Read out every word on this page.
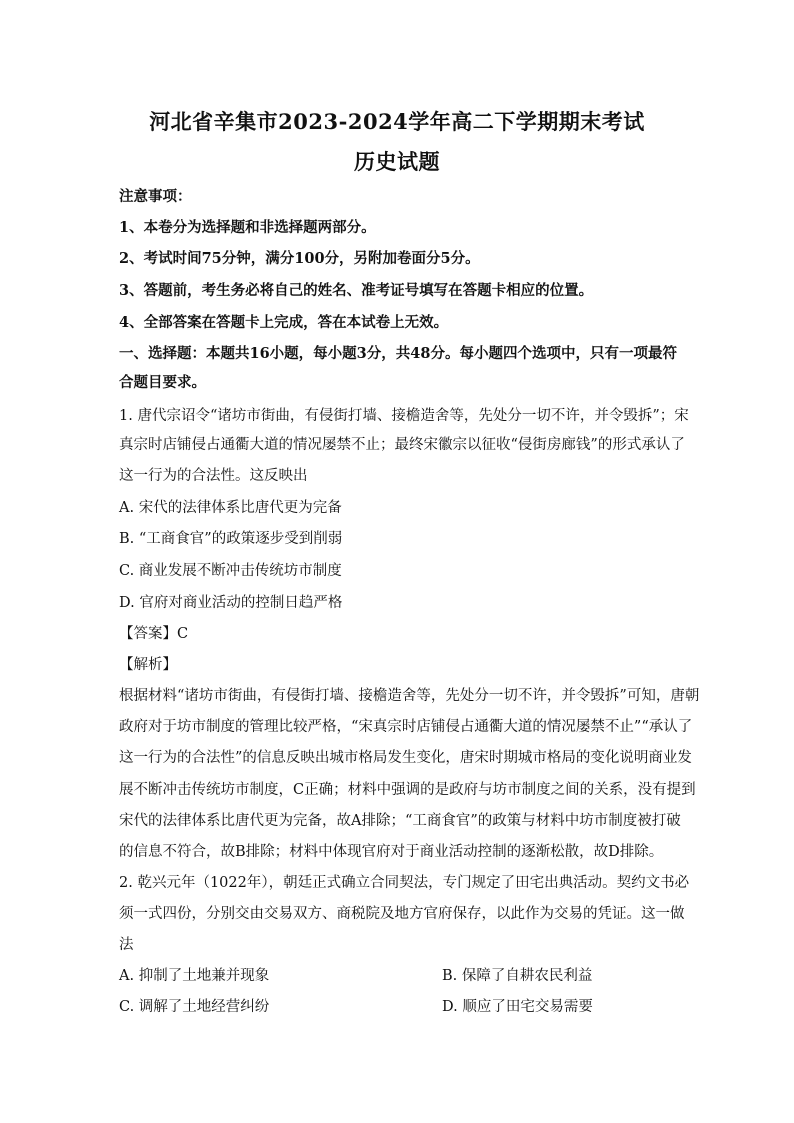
河北省辛集市2023-2024学年高二下学期期末考试
历史试题
注意事项：
1、本卷分为选择题和非选择题两部分。
2、考试时间75分钟，满分100分，另附加卷面分5分。
3、答题前，考生务必将自己的姓名、准考证号填写在答题卡相应的位置。
4、全部答案在答题卡上完成，答在本试卷上无效。
一、选择题：本题共16小题，每小题3分，共48分。每小题四个选项中，只有一项最符
合题目要求。
1. 唐代宗诏令“诸坊市街曲，有侵街打墙、接檐造舍等，先处分一切不许，并令毁拆”；宋
真宗时店铺侵占通衢大道的情况屡禁不止；最终宋徽宗以征收“侵街房廊钱”的形式承认了
这一行为的合法性。这反映出
A. 宋代的法律体系比唐代更为完备
B. “工商食官”的政策逐步受到削弱
C. 商业发展不断冲击传统坊市制度
D. 官府对商业活动的控制日趋严格
【答案】C
【解析】
根据材料“诸坊市街曲，有侵街打墙、接檐造舍等，先处分一切不许，并令毁拆”可知，唐朝
政府对于坊市制度的管理比较严格，“宋真宗时店铺侵占通衢大道的情况屡禁不止”“承认了
这一行为的合法性”的信息反映出城市格局发生变化，唐宋时期城市格局的变化说明商业发
展不断冲击传统坊市制度，C正确；材料中强调的是政府与坊市制度之间的关系，没有提到
宋代的法律体系比唐代更为完备，故A排除；“工商食官”的政策与材料中坊市制度被打破
的信息不符合，故B排除；材料中体现官府对于商业活动控制的逐渐松散，故D排除。
2. 乾兴元年（1022年），朝廷正式确立合同契法，专门规定了田宅出典活动。契约文书必
须一式四份，分别交由交易双方、商税院及地方官府保存，以此作为交易的凭证。这一做
法
A. 抑制了土地兼并现象	B. 保障了自耕农民利益
C. 调解了土地经营纠纷	D. 顺应了田宅交易需要
